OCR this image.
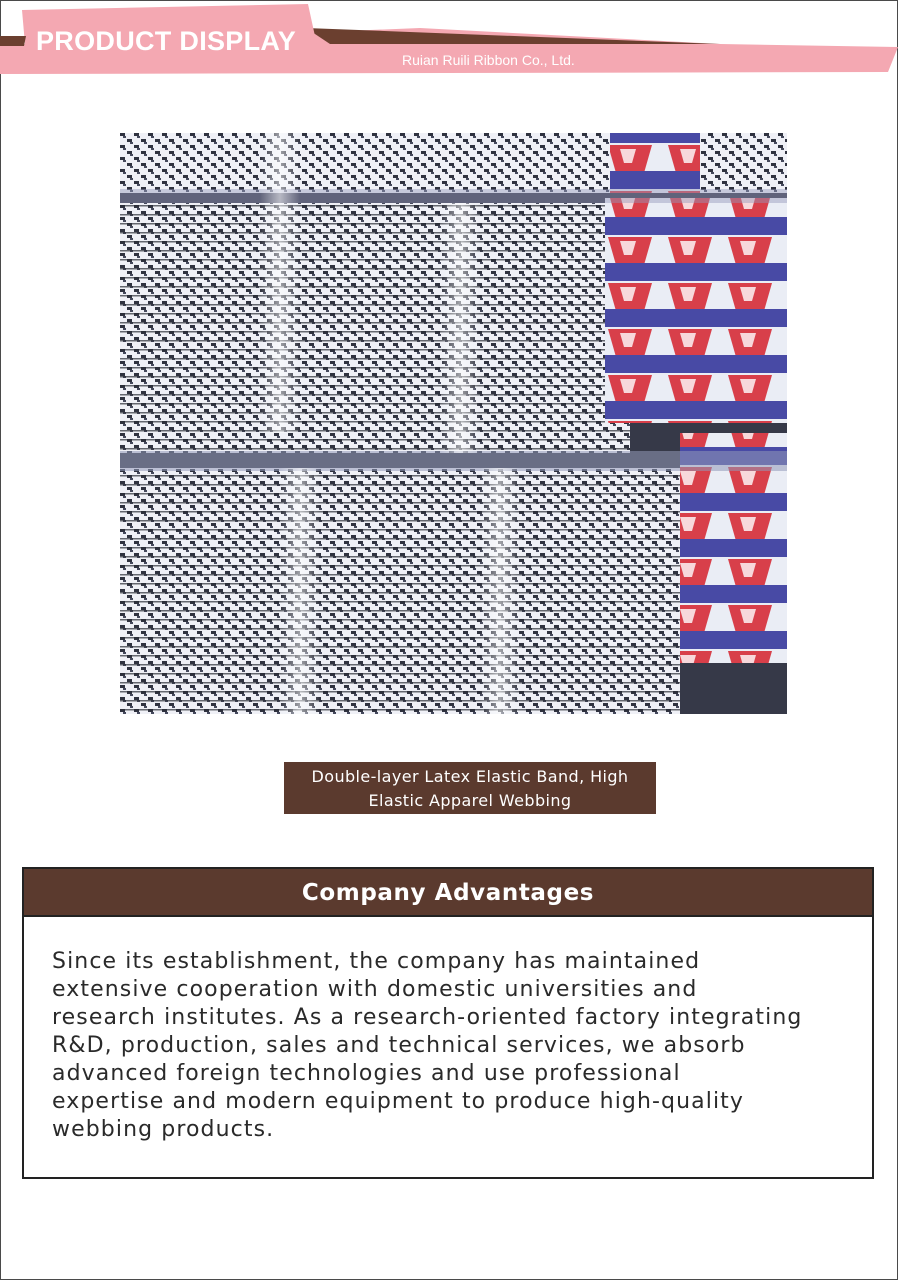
PRODUCT DISPLAY
Ruian Ruili Ribbon Co., Ltd.
Double-layer Latex Elastic Band, High
Elastic Apparel Webbing
Company Advantages
Since its establishment, the company has maintained
extensive cooperation with domestic universities and
research institutes. As a research-oriented factory integrating
R&D, production, sales and technical services, we absorb
advanced foreign technologies and use professional
expertise and modern equipment to produce high-quality
webbing products.
